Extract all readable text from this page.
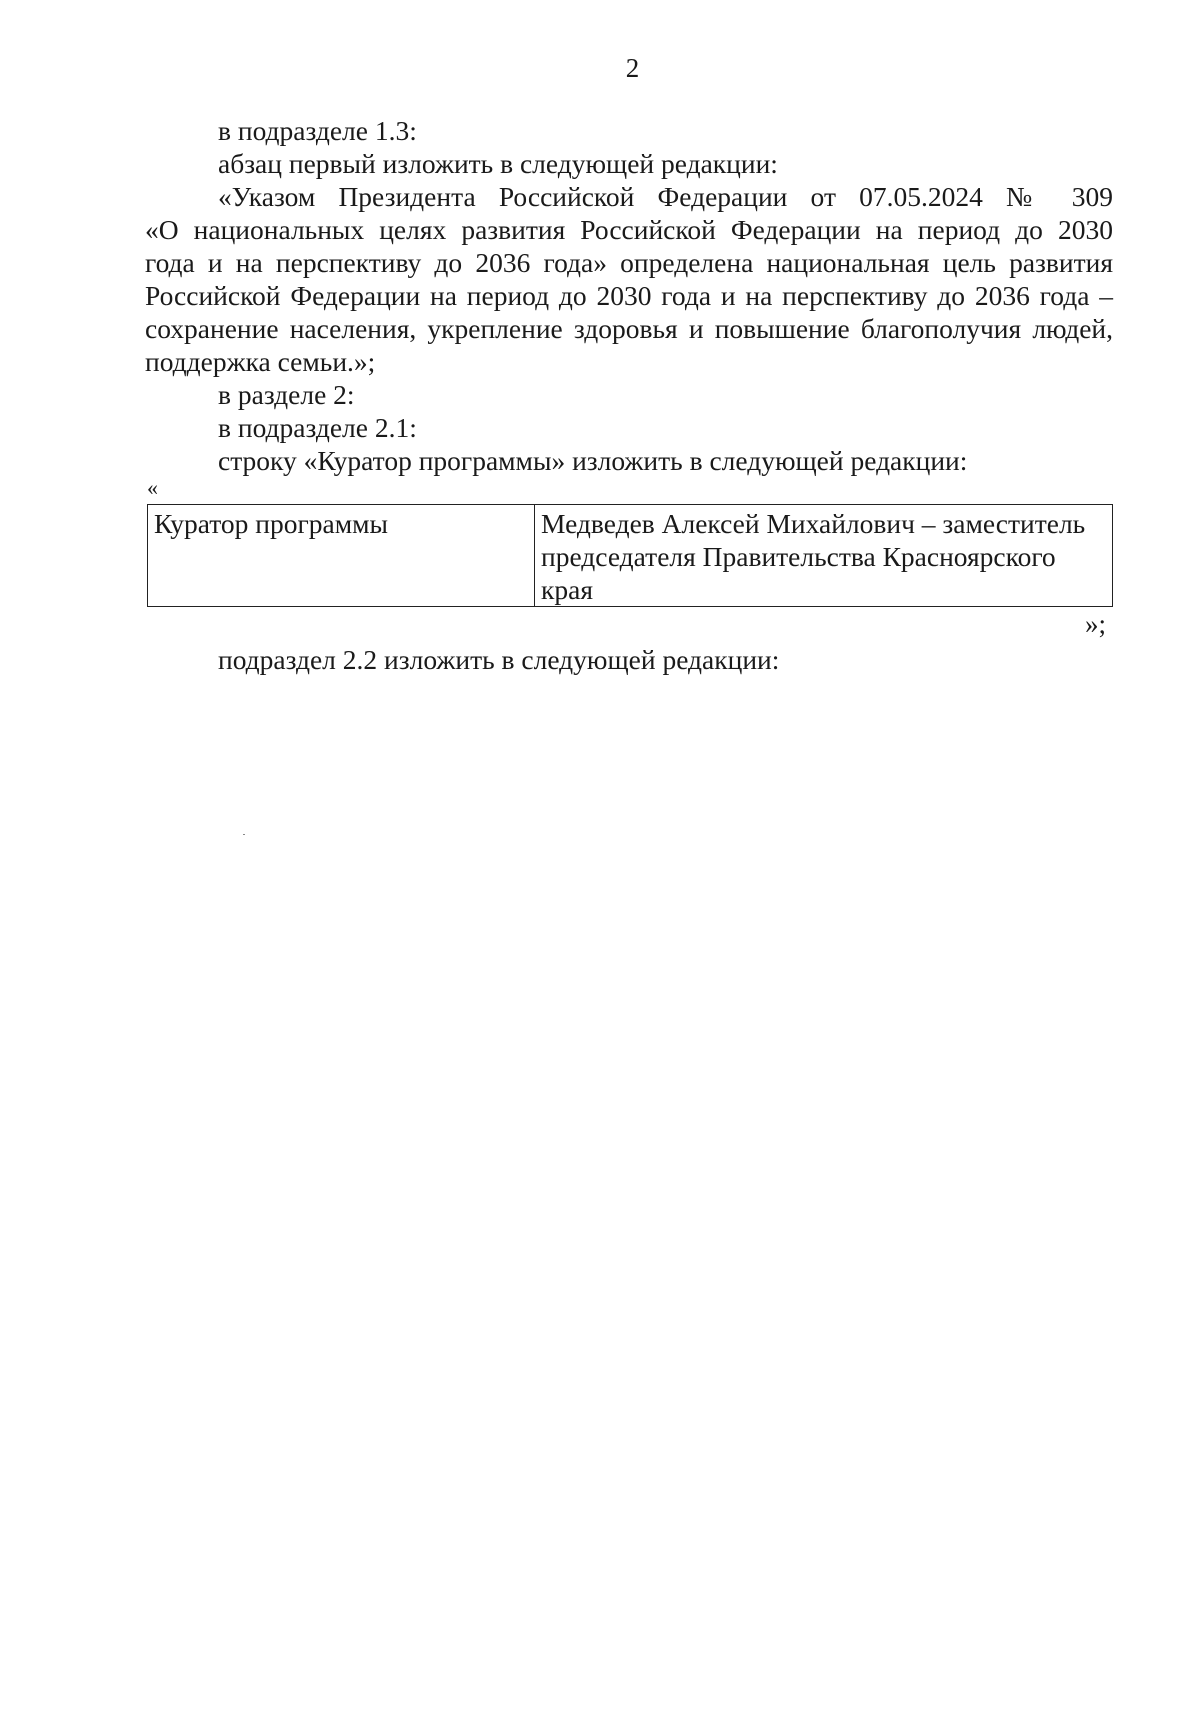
2
в подразделе 1.3:
абзац первый изложить в следующей редакции:
«Указом Президента Российской Федерации от 07.05.2024 № 309
«О национальных целях развития Российской Федерации на период до 2030
года и на перспективу до 2036 года» определена национальная цель развития
Российской Федерации на период до 2030 года и на перспективу до 2036 года –
сохранение населения, укрепление здоровья и повышение благополучия людей,
поддержка семьи.»;
в разделе 2:
в подразделе 2.1:
строку «Куратор программы» изложить в следующей редакции:
«
Куратор программы	Медведев Алексей Михайлович – заместитель председателя Правительства Красноярского края
»;
подраздел 2.2 изложить в следующей редакции:
